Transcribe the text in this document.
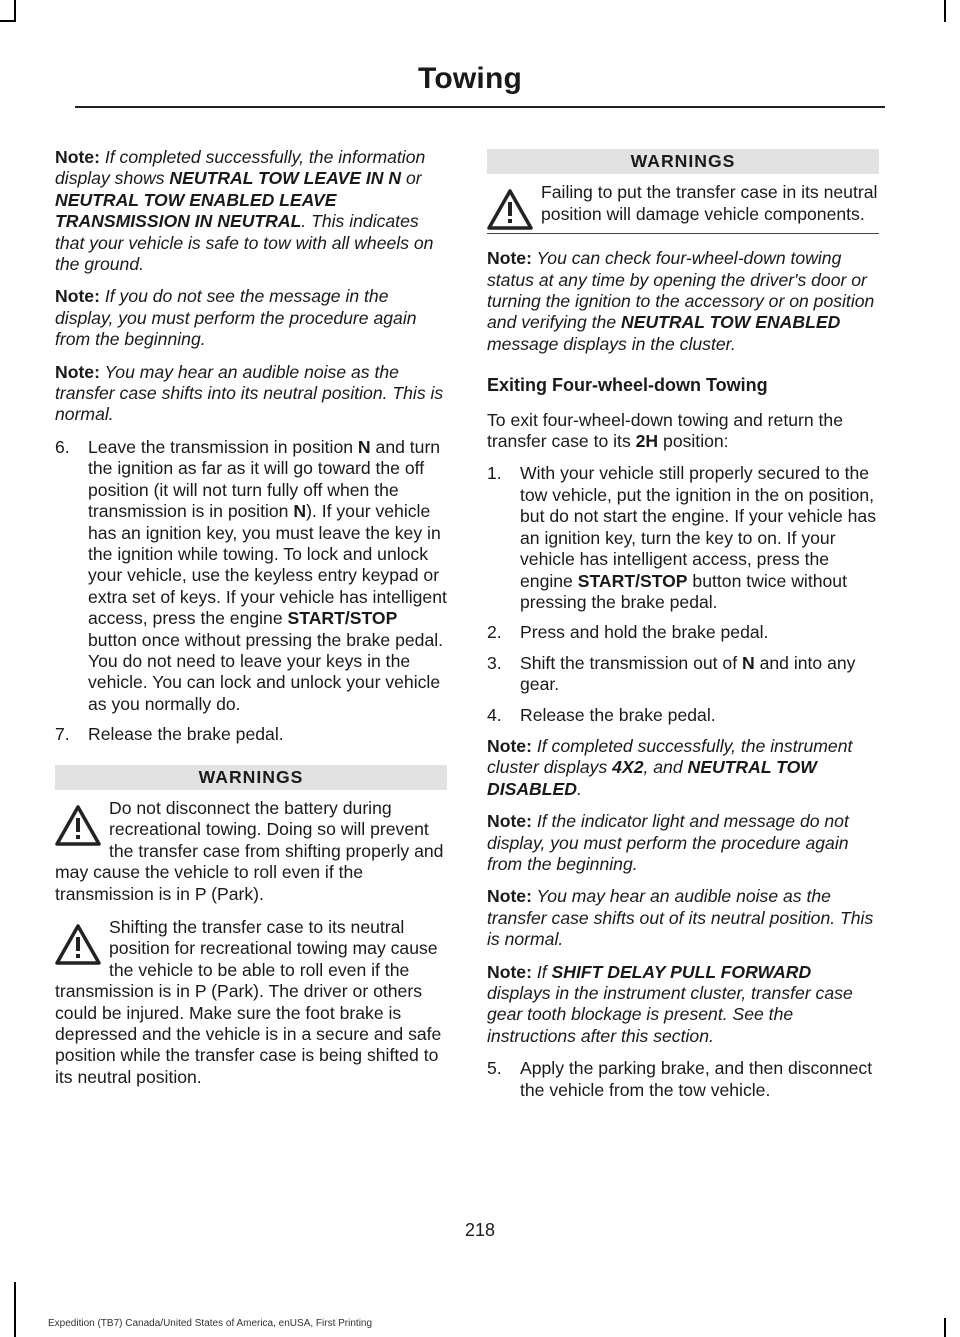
Towing

Note: If completed successfully, the information display shows NEUTRAL TOW LEAVE IN N or NEUTRAL TOW ENABLED LEAVE TRANSMISSION IN NEUTRAL. This indicates that your vehicle is safe to tow with all wheels on the ground.

Note: If you do not see the message in the display, you must perform the procedure again from the beginning.

Note: You may hear an audible noise as the transfer case shifts into its neutral position. This is normal.

6. Leave the transmission in position N and turn the ignition as far as it will go toward the off position (it will not turn fully off when the transmission is in position N). If your vehicle has an ignition key, you must leave the key in the ignition while towing. To lock and unlock your vehicle, use the keyless entry keypad or extra set of keys. If your vehicle has intelligent access, press the engine START/STOP button once without pressing the brake pedal. You do not need to leave your keys in the vehicle. You can lock and unlock your vehicle as you normally do.
7. Release the brake pedal.
WARNINGS
Do not disconnect the battery during recreational towing. Doing so will prevent the transfer case from shifting properly and may cause the vehicle to roll even if the transmission is in P (Park).
Shifting the transfer case to its neutral position for recreational towing may cause the vehicle to be able to roll even if the transmission is in P (Park). The driver or others could be injured. Make sure the foot brake is depressed and the vehicle is in a secure and safe position while the transfer case is being shifted to its neutral position.
WARNINGS
Failing to put the transfer case in its neutral position will damage vehicle components.

Note: You can check four-wheel-down towing status at any time by opening the driver's door or turning the ignition to the accessory or on position and verifying the NEUTRAL TOW ENABLED message displays in the cluster.

Exiting Four-wheel-down Towing

To exit four-wheel-down towing and return the transfer case to its 2H position:

1. With your vehicle still properly secured to the tow vehicle, put the ignition in the on position, but do not start the engine. If your vehicle has an ignition key, turn the key to on. If your vehicle has intelligent access, press the engine START/STOP button twice without pressing the brake pedal.
2. Press and hold the brake pedal.
3. Shift the transmission out of N and into any gear.
4. Release the brake pedal.

Note: If completed successfully, the instrument cluster displays 4X2, and NEUTRAL TOW DISABLED.

Note: If the indicator light and message do not display, you must perform the procedure again from the beginning.

Note: You may hear an audible noise as the transfer case shifts out of its neutral position. This is normal.

Note: If SHIFT DELAY PULL FORWARD displays in the instrument cluster, transfer case gear tooth blockage is present. See the instructions after this section.

5. Apply the parking brake, and then disconnect the vehicle from the tow vehicle.
218
Expedition (TB7) Canada/United States of America, enUSA, First Printing
